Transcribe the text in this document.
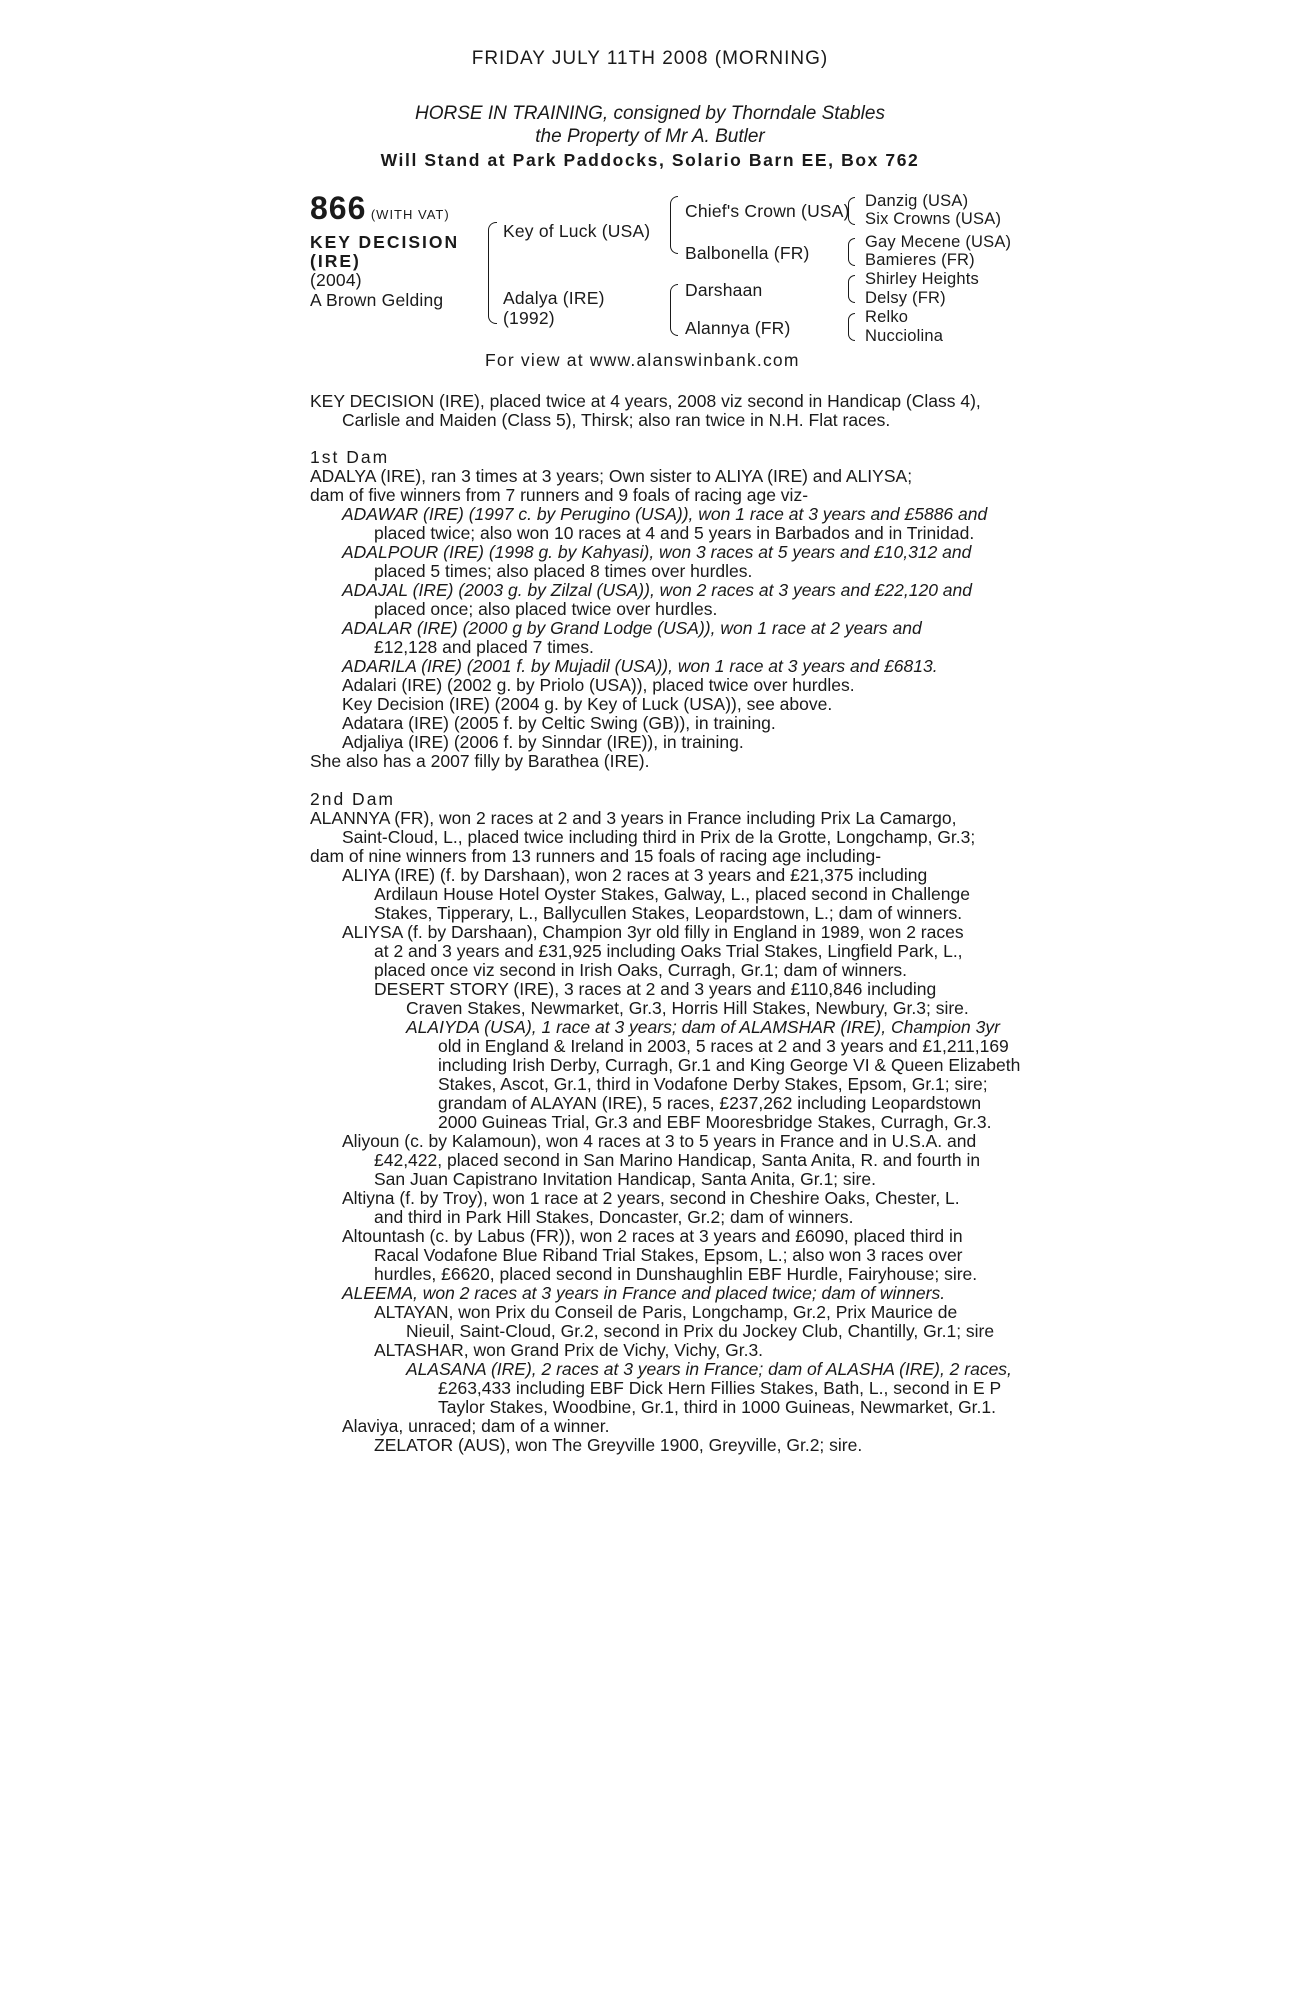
FRIDAY JULY 11TH 2008 (MORNING)
HORSE IN TRAINING, consigned by Thorndale Stables
the Property of Mr A. Butler
Will Stand at Park Paddocks, Solario Barn EE, Box 762
866 (WITH VAT)
KEY DECISION
(IRE)
(2004)
A Brown Gelding
Key of Luck (USA)
Adalya (IRE)
(1992)
Chief's Crown (USA)
Balbonella (FR)
Darshaan
Alannya (FR)
Danzig (USA)
Six Crowns (USA)
Gay Mecene (USA)
Bamieres (FR)
Shirley Heights
Delsy (FR)
Relko
Nucciolina
For view at www.alanswinbank.com
KEY DECISION (IRE), placed twice at 4 years, 2008 viz second in Handicap (Class 4),
Carlisle and Maiden (Class 5), Thirsk; also ran twice in N.H. Flat races.
1st Dam
ADALYA (IRE), ran 3 times at 3 years; Own sister to ALIYA (IRE) and ALIYSA;
dam of five winners from 7 runners and 9 foals of racing age viz-
ADAWAR (IRE) (1997 c. by Perugino (USA)), won 1 race at 3 years and £5886 and
placed twice; also won 10 races at 4 and 5 years in Barbados and in Trinidad.
ADALPOUR (IRE) (1998 g. by Kahyasi), won 3 races at 5 years and £10,312 and
placed 5 times; also placed 8 times over hurdles.
ADAJAL (IRE) (2003 g. by Zilzal (USA)), won 2 races at 3 years and £22,120 and
placed once; also placed twice over hurdles.
ADALAR (IRE) (2000 g by Grand Lodge (USA)), won 1 race at 2 years and
£12,128 and placed 7 times.
ADARILA (IRE) (2001 f. by Mujadil (USA)), won 1 race at 3 years and £6813.
Adalari (IRE) (2002 g. by Priolo (USA)), placed twice over hurdles.
Key Decision (IRE) (2004 g. by Key of Luck (USA)), see above.
Adatara (IRE) (2005 f. by Celtic Swing (GB)), in training.
Adjaliya (IRE) (2006 f. by Sinndar (IRE)), in training.
She also has a 2007 filly by Barathea (IRE).
2nd Dam
ALANNYA (FR), won 2 races at 2 and 3 years in France including Prix La Camargo,
Saint-Cloud, L., placed twice including third in Prix de la Grotte, Longchamp, Gr.3;
dam of nine winners from 13 runners and 15 foals of racing age including-
ALIYA (IRE) (f. by Darshaan), won 2 races at 3 years and £21,375 including
Ardilaun House Hotel Oyster Stakes, Galway, L., placed second in Challenge
Stakes, Tipperary, L., Ballycullen Stakes, Leopardstown, L.; dam of winners.
ALIYSA (f. by Darshaan), Champion 3yr old filly in England in 1989, won 2 races
at 2 and 3 years and £31,925 including Oaks Trial Stakes, Lingfield Park, L.,
placed once viz second in Irish Oaks, Curragh, Gr.1; dam of winners.
DESERT STORY (IRE), 3 races at 2 and 3 years and £110,846 including
Craven Stakes, Newmarket, Gr.3, Horris Hill Stakes, Newbury, Gr.3; sire.
ALAIYDA (USA), 1 race at 3 years; dam of ALAMSHAR (IRE), Champion 3yr
old in England & Ireland in 2003, 5 races at 2 and 3 years and £1,211,169
including Irish Derby, Curragh, Gr.1 and King George VI & Queen Elizabeth
Stakes, Ascot, Gr.1, third in Vodafone Derby Stakes, Epsom, Gr.1; sire;
grandam of ALAYAN (IRE), 5 races, £237,262 including Leopardstown
2000 Guineas Trial, Gr.3 and EBF Mooresbridge Stakes, Curragh, Gr.3.
Aliyoun (c. by Kalamoun), won 4 races at 3 to 5 years in France and in U.S.A. and
£42,422, placed second in San Marino Handicap, Santa Anita, R. and fourth in
San Juan Capistrano Invitation Handicap, Santa Anita, Gr.1; sire.
Altiyna (f. by Troy), won 1 race at 2 years, second in Cheshire Oaks, Chester, L.
and third in Park Hill Stakes, Doncaster, Gr.2; dam of winners.
Altountash (c. by Labus (FR)), won 2 races at 3 years and £6090, placed third in
Racal Vodafone Blue Riband Trial Stakes, Epsom, L.; also won 3 races over
hurdles, £6620, placed second in Dunshaughlin EBF Hurdle, Fairyhouse; sire.
ALEEMA, won 2 races at 3 years in France and placed twice; dam of winners.
ALTAYAN, won Prix du Conseil de Paris, Longchamp, Gr.2, Prix Maurice de
Nieuil, Saint-Cloud, Gr.2, second in Prix du Jockey Club, Chantilly, Gr.1; sire
ALTASHAR, won Grand Prix de Vichy, Vichy, Gr.3.
ALASANA (IRE), 2 races at 3 years in France; dam of ALASHA (IRE), 2 races,
£263,433 including EBF Dick Hern Fillies Stakes, Bath, L., second in E P
Taylor Stakes, Woodbine, Gr.1, third in 1000 Guineas, Newmarket, Gr.1.
Alaviya, unraced; dam of a winner.
ZELATOR (AUS), won The Greyville 1900, Greyville, Gr.2; sire.
